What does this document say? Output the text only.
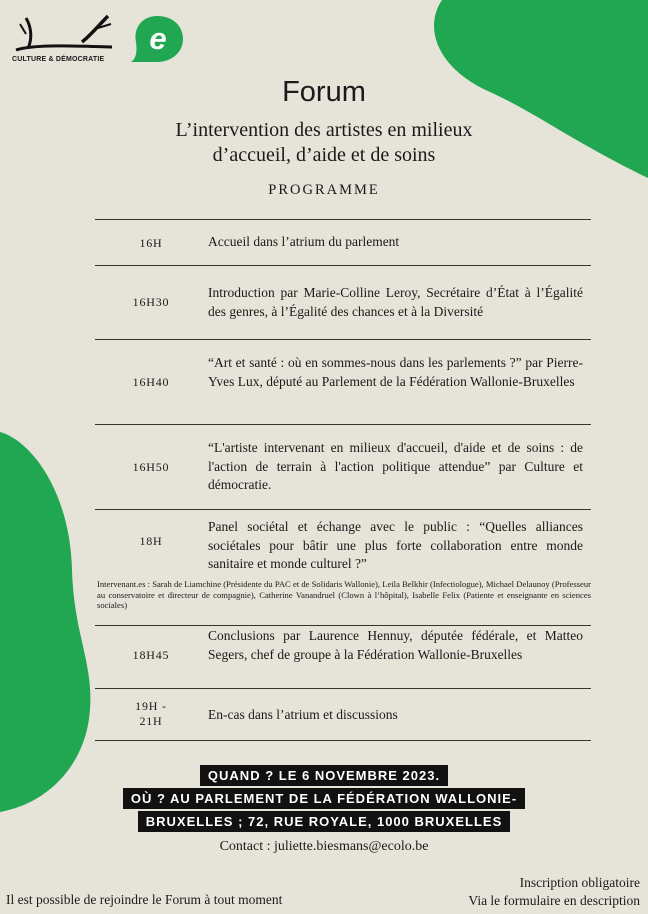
CULTURE & DÉMOCRATIE
e
Forum
L’intervention des artistes en milieux
d’accueil, d’aide et de soins
PROGRAMME
16H	Accueil dans l’atrium du parlement
16H30
Introduction par Marie-Colline Leroy, Secrétaire d’État à l’Égalité des genres, à l’Égalité des chances et à la Diversité
16H40
“Art et santé : où en sommes-nous dans les parlements ?” par Pierre-Yves Lux, député au Parlement de la Fédération Wallonie-Bruxelles
16H50
“L'artiste intervenant en milieux d'accueil, d'aide et de soins : de l'action de terrain à l'action politique attendue” par Culture et démocratie.
18H
Panel sociétal et échange avec le public : “Quelles alliances sociétales pour bâtir une plus forte collaboration entre monde sanitaire et monde culturel ?”
Intervenant.es : Sarah de Liamchine (Présidente du PAC et de Solidaris Wallonie), Leila Belkhir (Infectiologue), Michael Delaunoy (Professeur au conservatoire et directeur de compagnie), Catherine Vanandruel (Clown à l’hôpital), Isabelle Felix (Patiente et enseignante en sciences sociales)
18H45
Conclusions par Laurence Hennuy, députée fédérale, et Matteo Segers, chef de groupe à la Fédération Wallonie-Bruxelles
19H -
21H	En-cas dans l’atrium et discussions
QUAND ? LE 6 NOVEMBRE 2023.
OÙ ? AU PARLEMENT DE LA FÉDÉRATION WALLONIE-
BRUXELLES ; 72, RUE ROYALE, 1000 BRUXELLES
Contact : juliette.biesmans@ecolo.be
Il est possible de rejoindre le Forum à tout moment
Inscription obligatoire
Via le formulaire en description
